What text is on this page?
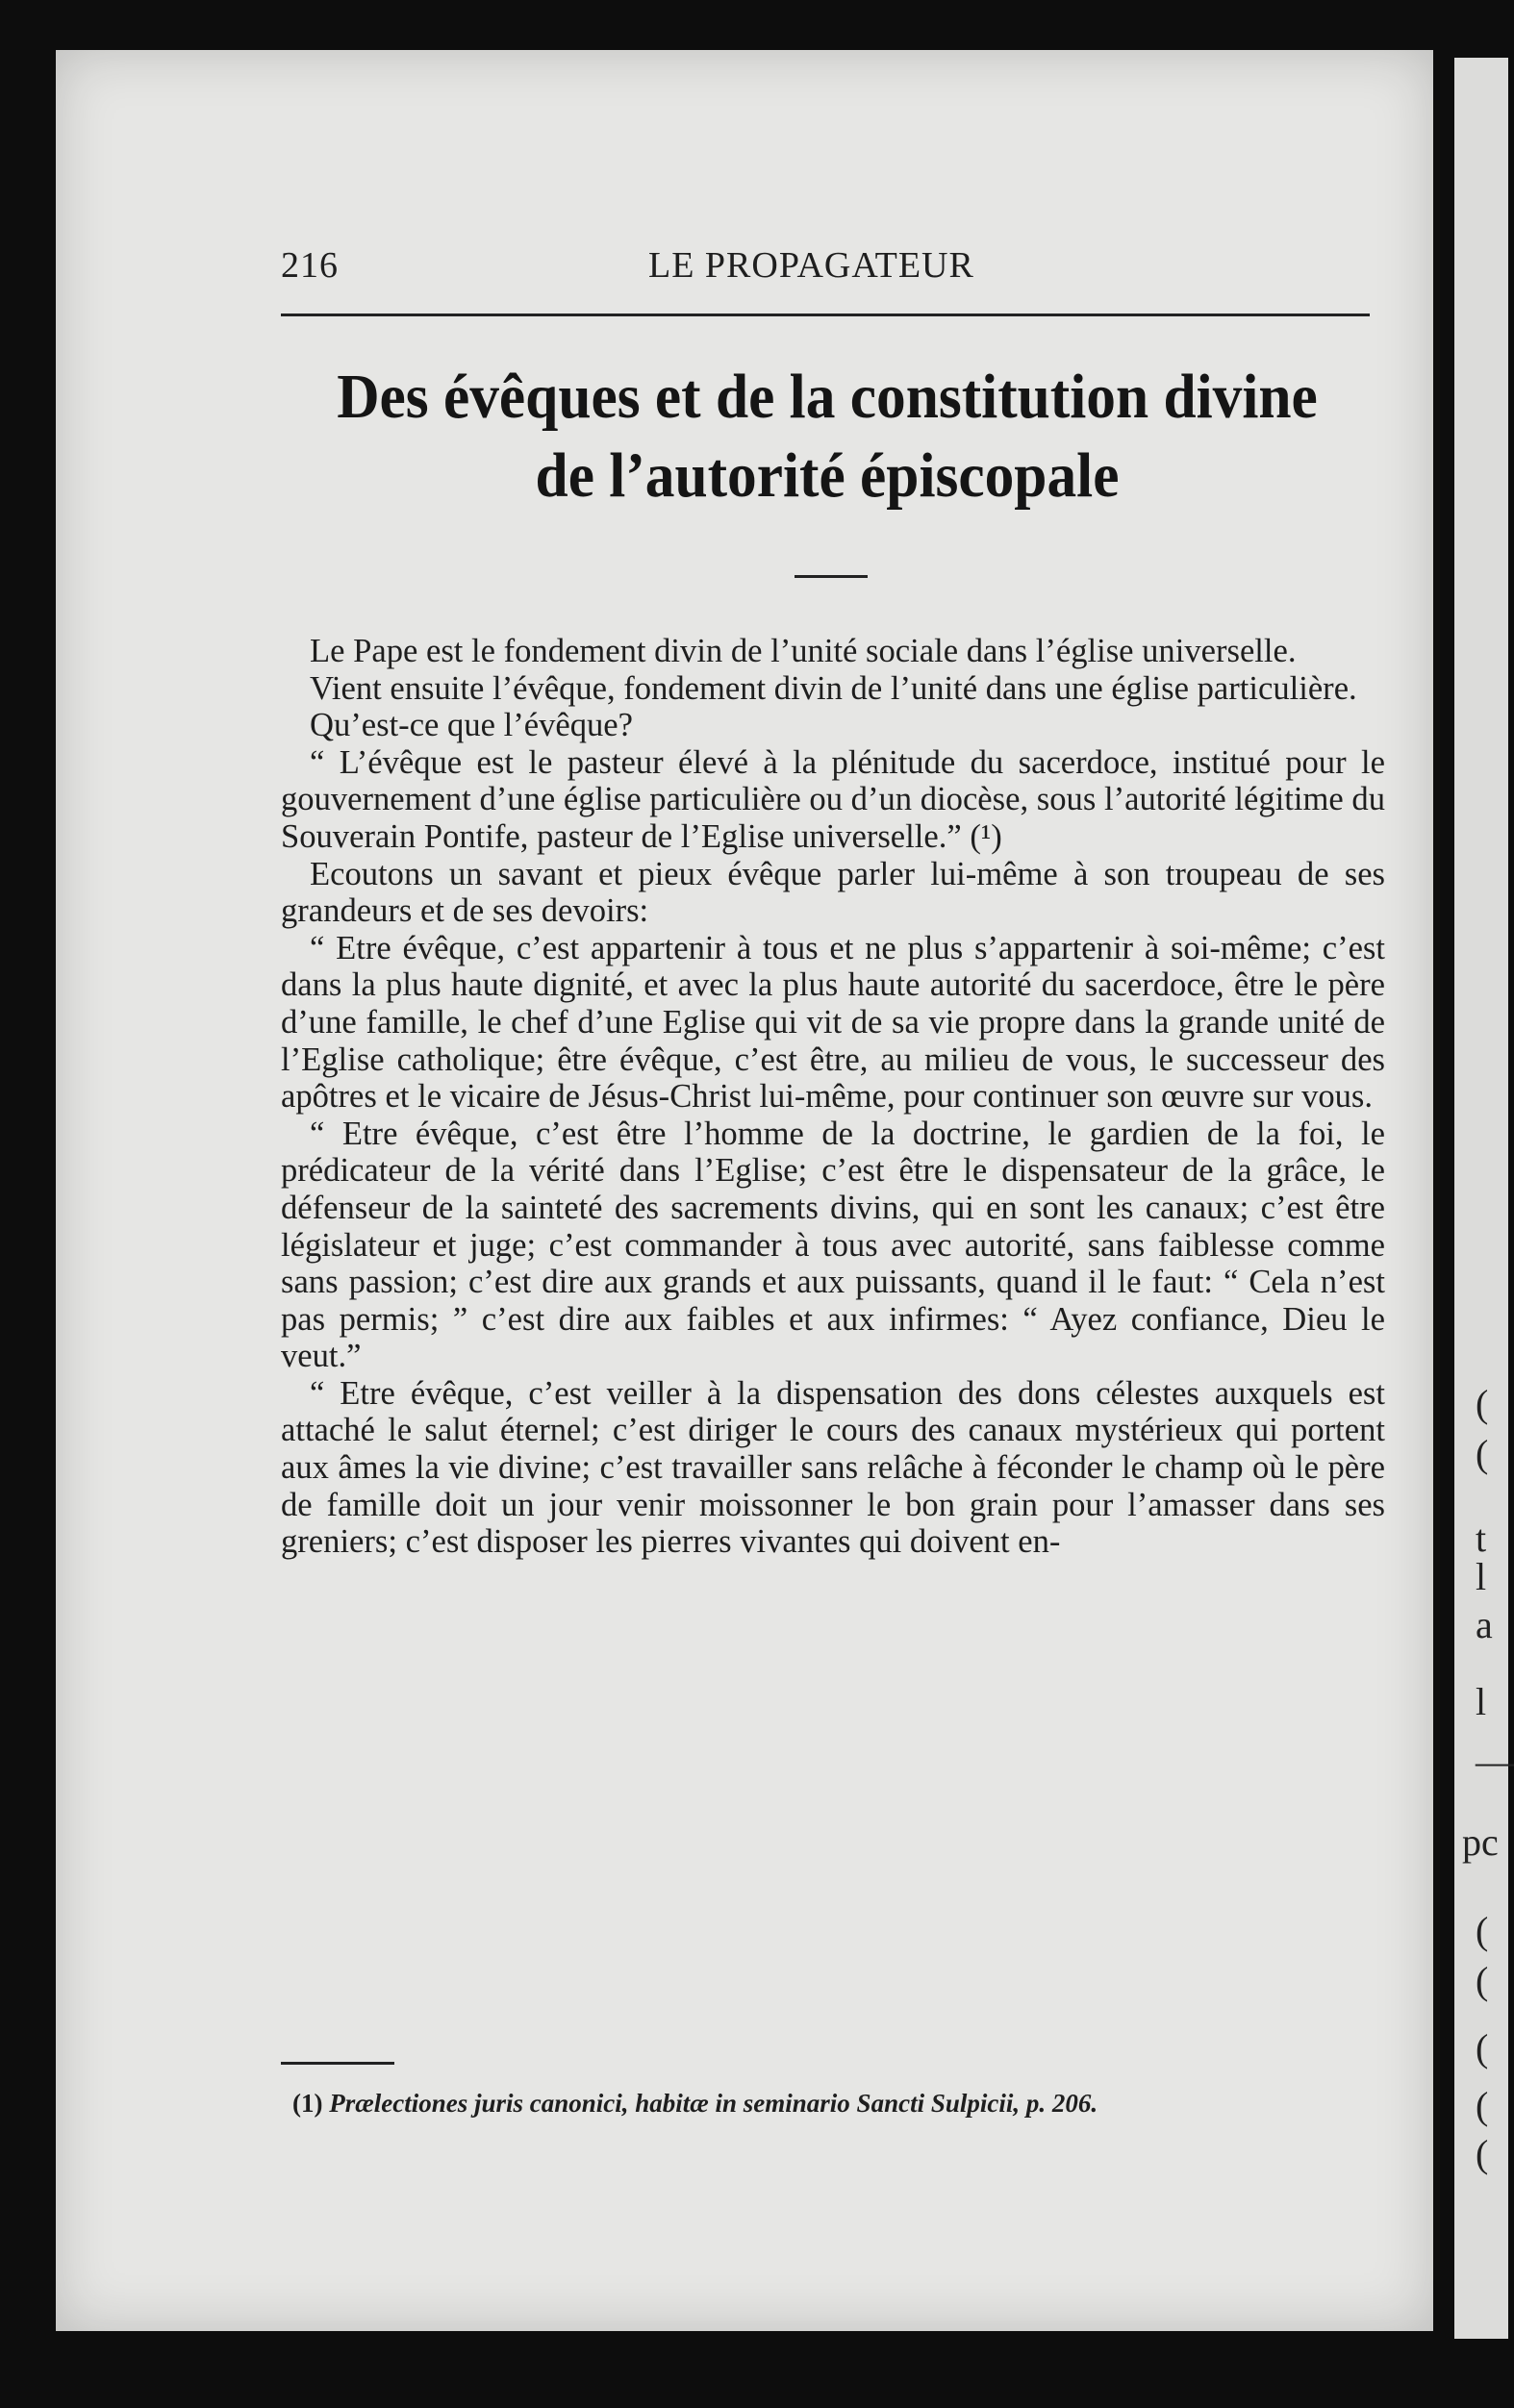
(
(
t
l
a
l
—
pc
(
(
(
(
(
216	LE PROPAGATEUR
Des évêques et de la constitution divine
de l’autorité épiscopale

Le Pape est le fondement divin de l’unité sociale dans l’église universelle.

Vient ensuite l’évêque, fondement divin de l’unité dans une église particulière.

Qu’est-ce que l’évêque?

“ L’évêque est le pasteur élevé à la plénitude du sacerdoce, institué pour le gouvernement d’une église particulière ou d’un diocèse, sous l’autorité légitime du Souverain Pontife, pasteur de l’Eglise universelle.” (¹)

Ecoutons un savant et pieux évêque parler lui-même à son troupeau de ses grandeurs et de ses devoirs:

“ Etre évêque, c’est appartenir à tous et ne plus s’appartenir à soi-même; c’est dans la plus haute dignité, et avec la plus haute autorité du sacerdoce, être le père d’une famille, le chef d’une Eglise qui vit de sa vie propre dans la grande unité de l’Eglise catholique; être évêque, c’est être, au milieu de vous, le successeur des apôtres et le vicaire de Jésus-Christ lui-même, pour continuer son œuvre sur vous.

“ Etre évêque, c’est être l’homme de la doctrine, le gardien de la foi, le prédicateur de la vérité dans l’Eglise; c’est être le dispensateur de la grâce, le défenseur de la sainteté des sacrements divins, qui en sont les canaux; c’est être législateur et juge; c’est commander à tous avec autorité, sans faiblesse comme sans passion; c’est dire aux grands et aux puissants, quand il le faut: “ Cela n’est pas permis; ” c’est dire aux faibles et aux infirmes: “ Ayez confiance, Dieu le veut.”

“ Etre évêque, c’est veiller à la dispensation des dons célestes auxquels est attaché le salut éternel; c’est diriger le cours des canaux mystérieux qui portent aux âmes la vie divine; c’est travailler sans relâche à féconder le champ où le père de famille doit un jour venir moissonner le bon grain pour l’amasser dans ses greniers; c’est disposer les pierres vivantes qui doivent en-

(1) Prælectiones juris canonici, habitæ in seminario Sancti Sulpicii, p. 206.
